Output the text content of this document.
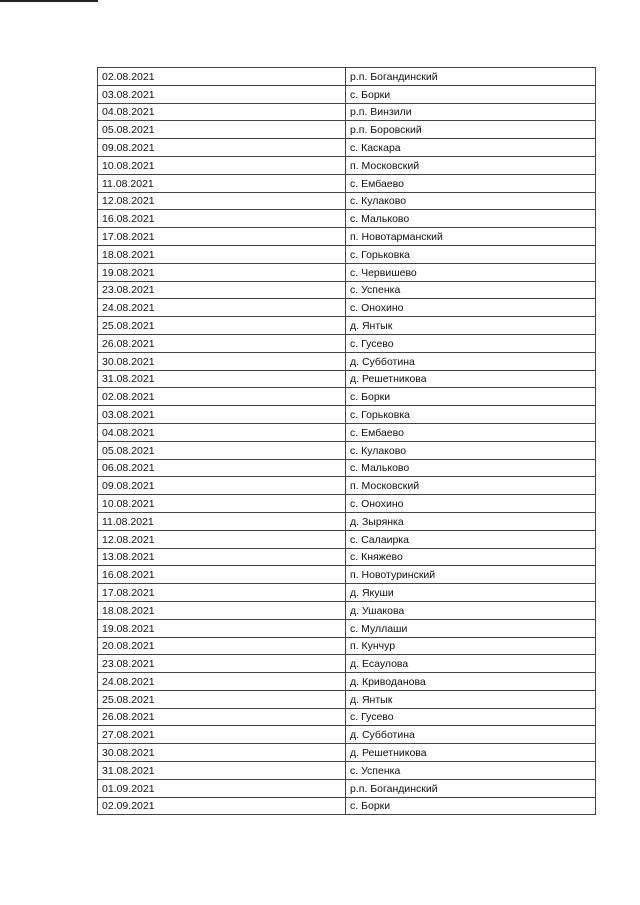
02.08.2021	р.п. Богандинский
03.08.2021	с. Борки
04.08.2021	р.п. Винзили
05.08.2021	р.п. Боровский
09.08.2021	с. Каскара
10.08.2021	п. Московский
11.08.2021	с. Ембаево
12.08.2021	с. Кулаково
16.08.2021	с. Мальково
17.08.2021	п. Новотарманский
18.08.2021	с. Горьковка
19.08.2021	с. Червишево
23.08.2021	с. Успенка
24.08.2021	с. Онохино
25.08.2021	д. Янтык
26.08.2021	с. Гусево
30.08.2021	д. Субботина
31.08.2021	д. Решетникова
02.08.2021	с. Борки
03.08.2021	с. Горьковка
04.08.2021	с. Ембаево
05.08.2021	с. Кулаково
06.08.2021	с. Мальково
09.08.2021	п. Московский
10.08.2021	с. Онохино
11.08.2021	д. Зырянка
12.08.2021	с. Салаирка
13.08.2021	с. Княжево
16.08.2021	п. Новотуринский
17.08.2021	д. Якуши
18.08.2021	д. Ушакова
19.08.2021	с. Муллаши
20.08.2021	п. Кунчур
23.08.2021	д. Есаулова
24.08.2021	д. Криводанова
25.08.2021	д. Янтык
26.08.2021	с. Гусево
27.08.2021	д. Субботина
30.08.2021	д. Решетникова
31.08.2021	с. Успенка
01.09.2021	р.п. Богандинский
02.09.2021	с. Борки
